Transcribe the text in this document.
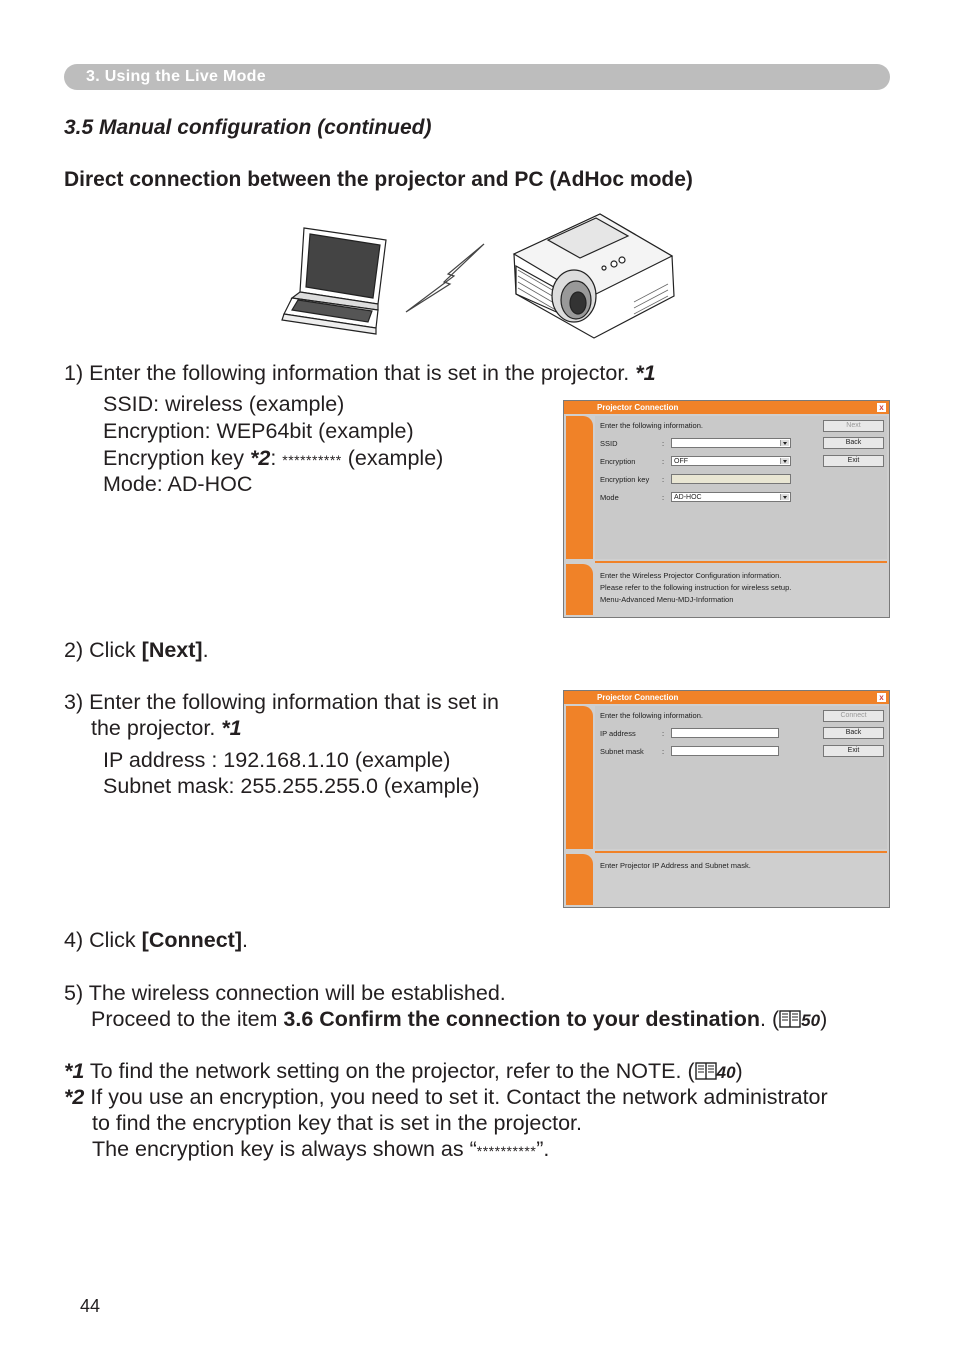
3. Using the Live Mode
3.5 Manual configuration (continued)
Direct connection between the projector and PC (AdHoc mode)
1) Enter the following information that is set in the projector. *1
SSID: wireless (example)
Encryption: WEP64bit (example)
Encryption key *2: ********** (example)
Mode: AD-HOC
Projector Connection	x
Enter the following information.
SSID	:
Encryption	:	OFF
Encryption key :
Mode	:	AD-HOC
Next
Back
Exit
Enter the Wireless Projector Configuration information.
Please refer to the following instruction for wireless setup.
Menu-Advanced Menu-MDJ-Information
2) Click [Next].
3) Enter the following information that is set in
the projector. *1
IP address : 192.168.1.10 (example)
Subnet mask: 255.255.255.0 (example)
Projector Connection	x
Enter the following information.
IP address	:
Subnet mask :
Connect
Back
Exit
Enter Projector IP Address and Subnet mask.
4) Click [Connect].
5) The wireless connection will be established.
Proceed to the item 3.6 Confirm the connection to your destination. ( 50)
*1 To find the network setting on the projector, refer to the NOTE. ( 40)
*2 If you use an encryption, you need to set it. Contact the network administrator
to find the encryption key that is set in the projector.
The encryption key is always shown as “**********”.
44
